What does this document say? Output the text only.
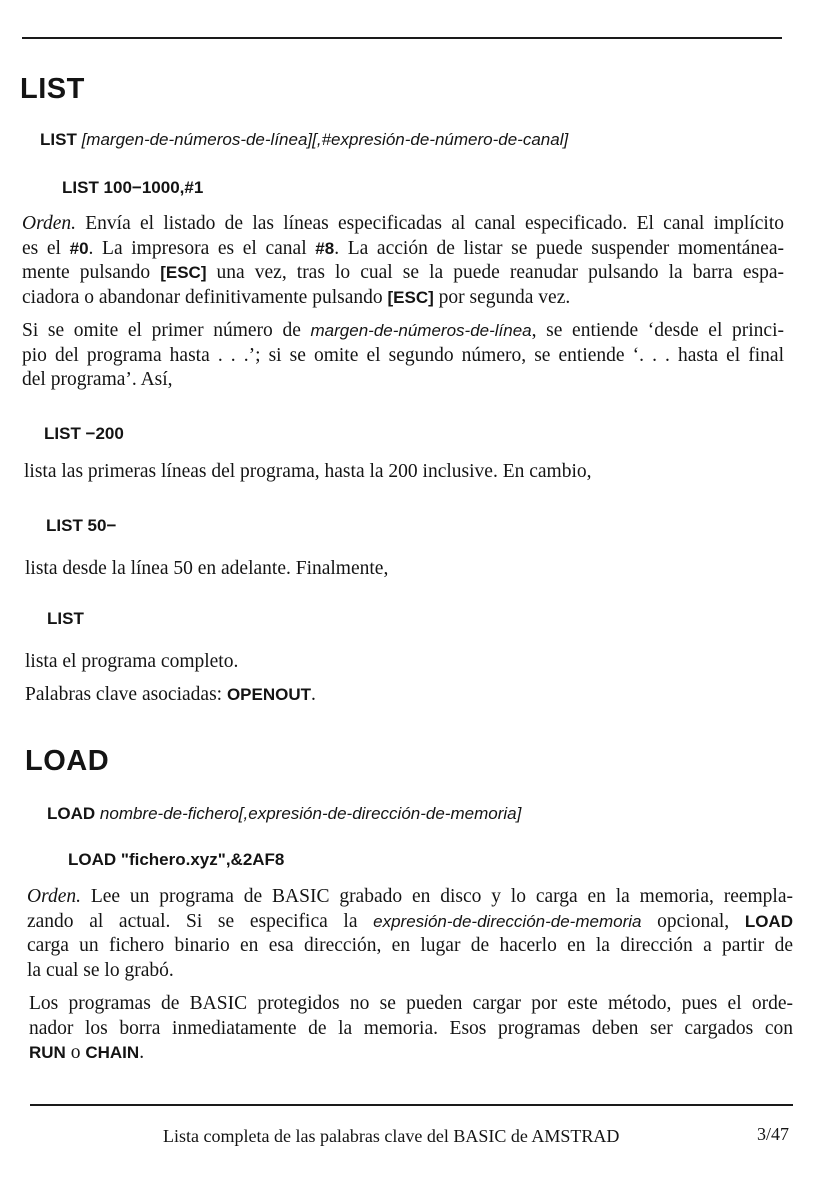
LIST
LIST [margen-de-números-de-línea][,#expresión-de-número-de-canal]
LIST 100−1000,#1
Orden. Envía el listado de las líneas especificadas al canal especificado. El canal implícito
es el #0. La impresora es el canal #8. La acción de listar se puede suspender momentánea-
mente pulsando [ESC] una vez, tras lo cual se la puede reanudar pulsando la barra espa-
ciadora o abandonar definitivamente pulsando [ESC] por segunda vez.
Si se omite el primer número de margen-de-números-de-línea, se entiende ‘desde el princi-
pio del programa hasta . . .’; si se omite el segundo número, se entiende ‘. . . hasta el final
del programa’. Así,
LIST −200
lista las primeras líneas del programa, hasta la 200 inclusive. En cambio,
LIST 50−
lista desde la línea 50 en adelante. Finalmente,
LIST
lista el programa completo.
Palabras clave asociadas: OPENOUT.
LOAD
LOAD nombre-de-fichero[,expresión-de-dirección-de-memoria]
LOAD "fichero.xyz",&2AF8
Orden. Lee un programa de BASIC grabado en disco y lo carga en la memoria, reempla-
zando al actual. Si se especifica la expresión-de-dirección-de-memoria opcional, LOAD
carga un fichero binario en esa dirección, en lugar de hacerlo en la dirección a partir de
la cual se lo grabó.
Los programas de BASIC protegidos no se pueden cargar por este método, pues el orde-
nador los borra inmediatamente de la memoria. Esos programas deben ser cargados con
RUN o CHAIN.
Lista completa de las palabras clave del BASIC de AMSTRAD	3/47
